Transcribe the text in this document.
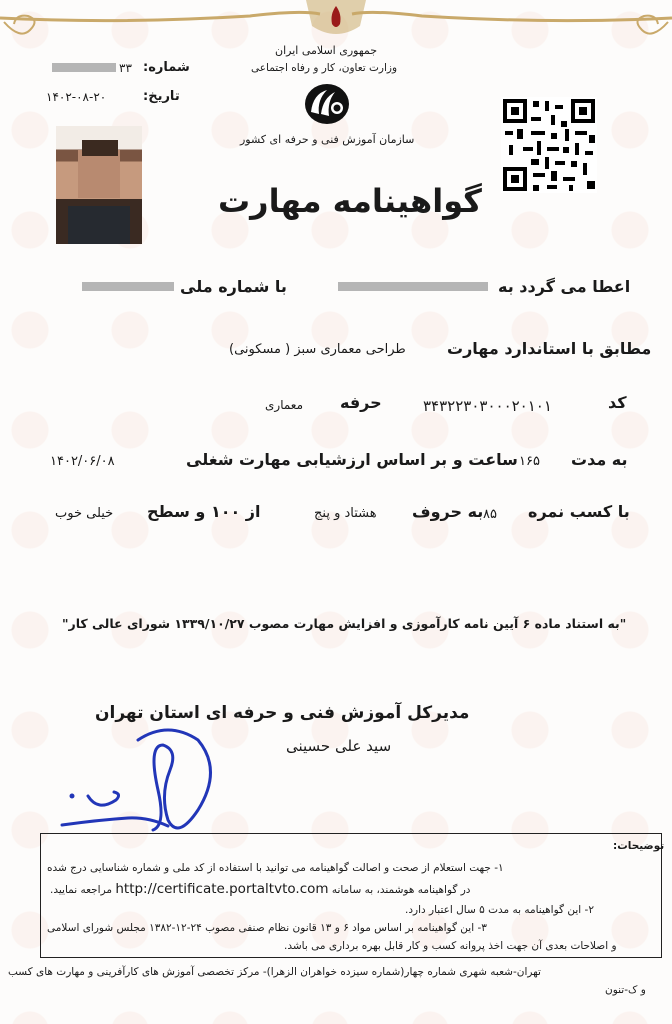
جمهوری اسلامی ایران
وزارت تعاون، کار و رفاه اجتماعی
سازمان آموزش فنی و حرفه ای کشور
شماره:
۳۳
تاریخ:
۱۴۰۲-۰۸-۲۰
گواهینامه مهارت
اعطا می گردد به
با شماره ملی
مطابق با استاندارد مهارت
طراحی معماری سبز ( مسکونی)
کد
۳۴۳۲۲۳۰۳۰۰۰۲۰۱۰۱
حرفه
معماری
به مدت
۱۶۵
ساعت و بر اساس ارزشیابی مهارت شغلی
۱۴۰۲/۰۶/۰۸
با کسب نمره
۸۵
به حروف
هشتاد و پنج
از ۱۰۰ و سطح
خیلی خوب
"به استناد ماده ۶ آیین نامه کارآموزی و افزایش مهارت مصوب ۱۳۳۹/۱۰/۲۷ شورای عالی کار"
مدیرکل آموزش فنی و حرفه ای استان تهران
سید علی حسینی
توضیحات:
۱- جهت استعلام از صحت و اصالت گواهینامه می توانید با استفاده از کد ملی و شماره شناسایی درج شده
در گواهینامه هوشمند، به سامانه http://certificate.portaltvto.com مراجعه نمایید.
۲- این گواهینامه به مدت ۵ سال اعتبار دارد.
۳- این گواهینامه بر اساس مواد ۶ و ۱۳ قانون نظام صنفی مصوب ۲۴-۱۲-۱۳۸۲ مجلس شورای اسلامی
و اصلاحات بعدی آن جهت اخذ پروانه کسب و کار قابل بهره برداری می باشد.
تهران-شعبه شهری شماره چهار(شماره سیزده خواهران الزهرا)- مرکز تخصصی آموزش های کارآفرینی و مهارت های کسب
و ک-تنون
